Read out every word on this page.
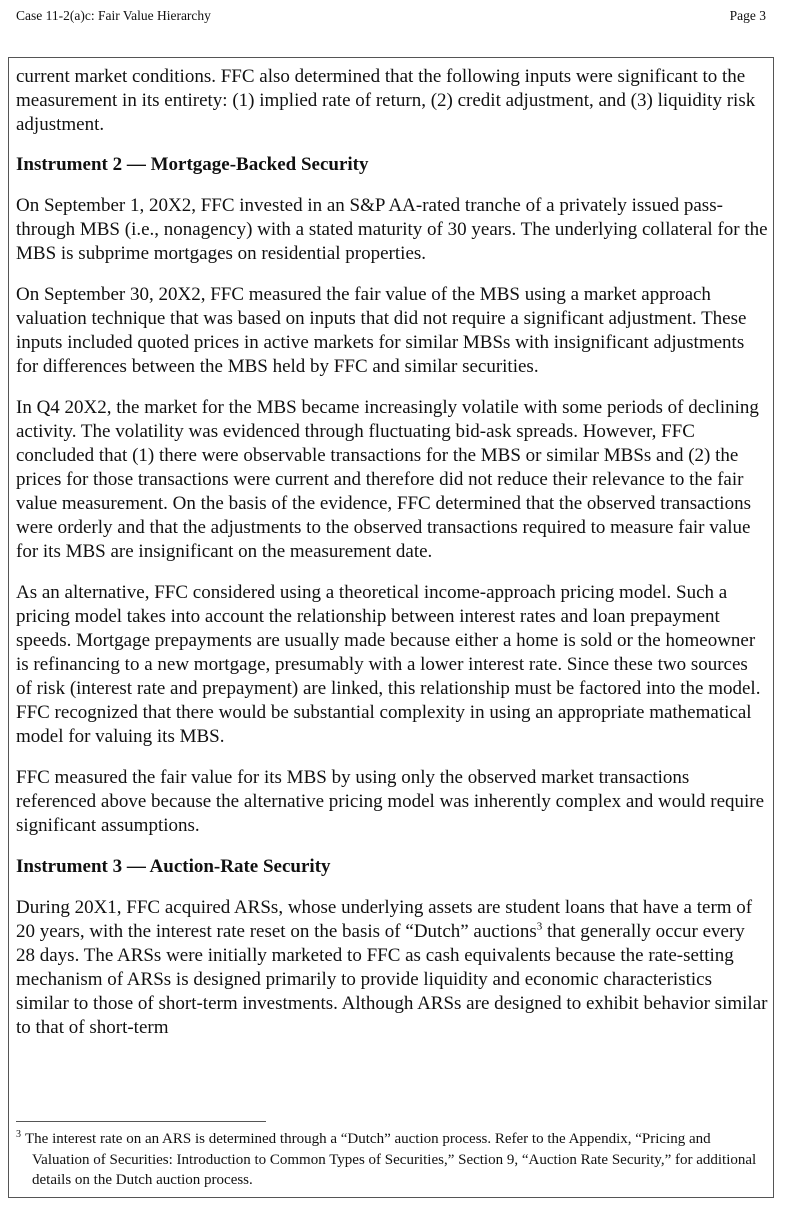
Case 11-2(a)c: Fair Value Hierarchy	Page 3

current market conditions. FFC also determined that the following inputs were significant to the measurement in its entirety: (1) implied rate of return, (2) credit adjustment, and (3) liquidity risk adjustment.

Instrument 2 — Mortgage-Backed Security

On September 1, 20X2, FFC invested in an S&P AA-rated tranche of a privately issued pass-through MBS (i.e., nonagency) with a stated maturity of 30 years. The underlying collateral for the MBS is subprime mortgages on residential properties.

On September 30, 20X2, FFC measured the fair value of the MBS using a market approach valuation technique that was based on inputs that did not require a significant adjustment. These inputs included quoted prices in active markets for similar MBSs with insignificant adjustments for differences between the MBS held by FFC and similar securities.

In Q4 20X2, the market for the MBS became increasingly volatile with some periods of declining activity. The volatility was evidenced through fluctuating bid-ask spreads. However, FFC concluded that (1) there were observable transactions for the MBS or similar MBSs and (2) the prices for those transactions were current and therefore did not reduce their relevance to the fair value measurement. On the basis of the evidence, FFC determined that the observed transactions were orderly and that the adjustments to the observed transactions required to measure fair value for its MBS are insignificant on the measurement date.

As an alternative, FFC considered using a theoretical income-approach pricing model. Such a pricing model takes into account the relationship between interest rates and loan prepayment speeds. Mortgage prepayments are usually made because either a home is sold or the homeowner is refinancing to a new mortgage, presumably with a lower interest rate. Since these two sources of risk (interest rate and prepayment) are linked, this relationship must be factored into the model. FFC recognized that there would be substantial complexity in using an appropriate mathematical model for valuing its MBS.

FFC measured the fair value for its MBS by using only the observed market transactions referenced above because the alternative pricing model was inherently complex and would require significant assumptions.

Instrument 3 — Auction-Rate Security

During 20X1, FFC acquired ARSs, whose underlying assets are student loans that have a term of 20 years, with the interest rate reset on the basis of “Dutch” auctions$^3$ that generally occur every 28 days. The ARSs were initially marketed to FFC as cash equivalents because the rate-setting mechanism of ARSs is designed primarily to provide liquidity and economic characteristics similar to those of short-term investments. Although ARSs are designed to exhibit behavior similar to that of short-term

$^3$ The interest rate on an ARS is determined through a “Dutch” auction process. Refer to the Appendix, “Pricing and Valuation of Securities: Introduction to Common Types of Securities,” Section 9, “Auction Rate Security,” for additional details on the Dutch auction process.
